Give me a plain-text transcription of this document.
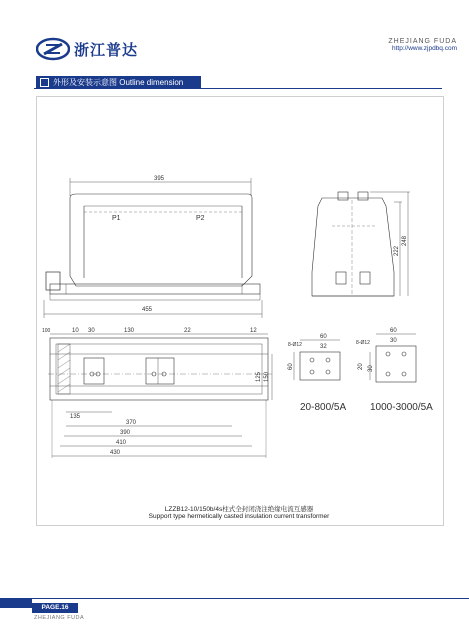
浙江普达	ZHEJIANG FUDA
http://www.zjpdbq.com
外形及安装示意图 Outline dimension
395
P1	P2
455
222
248
100	10 30	130	22	12
125 150
135
370
390
410
430
60
8-Ø12	32
60
20-800/5A
60
8-Ø12	30
20 30
1000-3000/5A
LZZB12-10/150b/4s柱式全封闭浇注绝缘电流互感器
Support type hermetically casted insulation current transformer
PAGE.16
ZHEJIANG FUDA
